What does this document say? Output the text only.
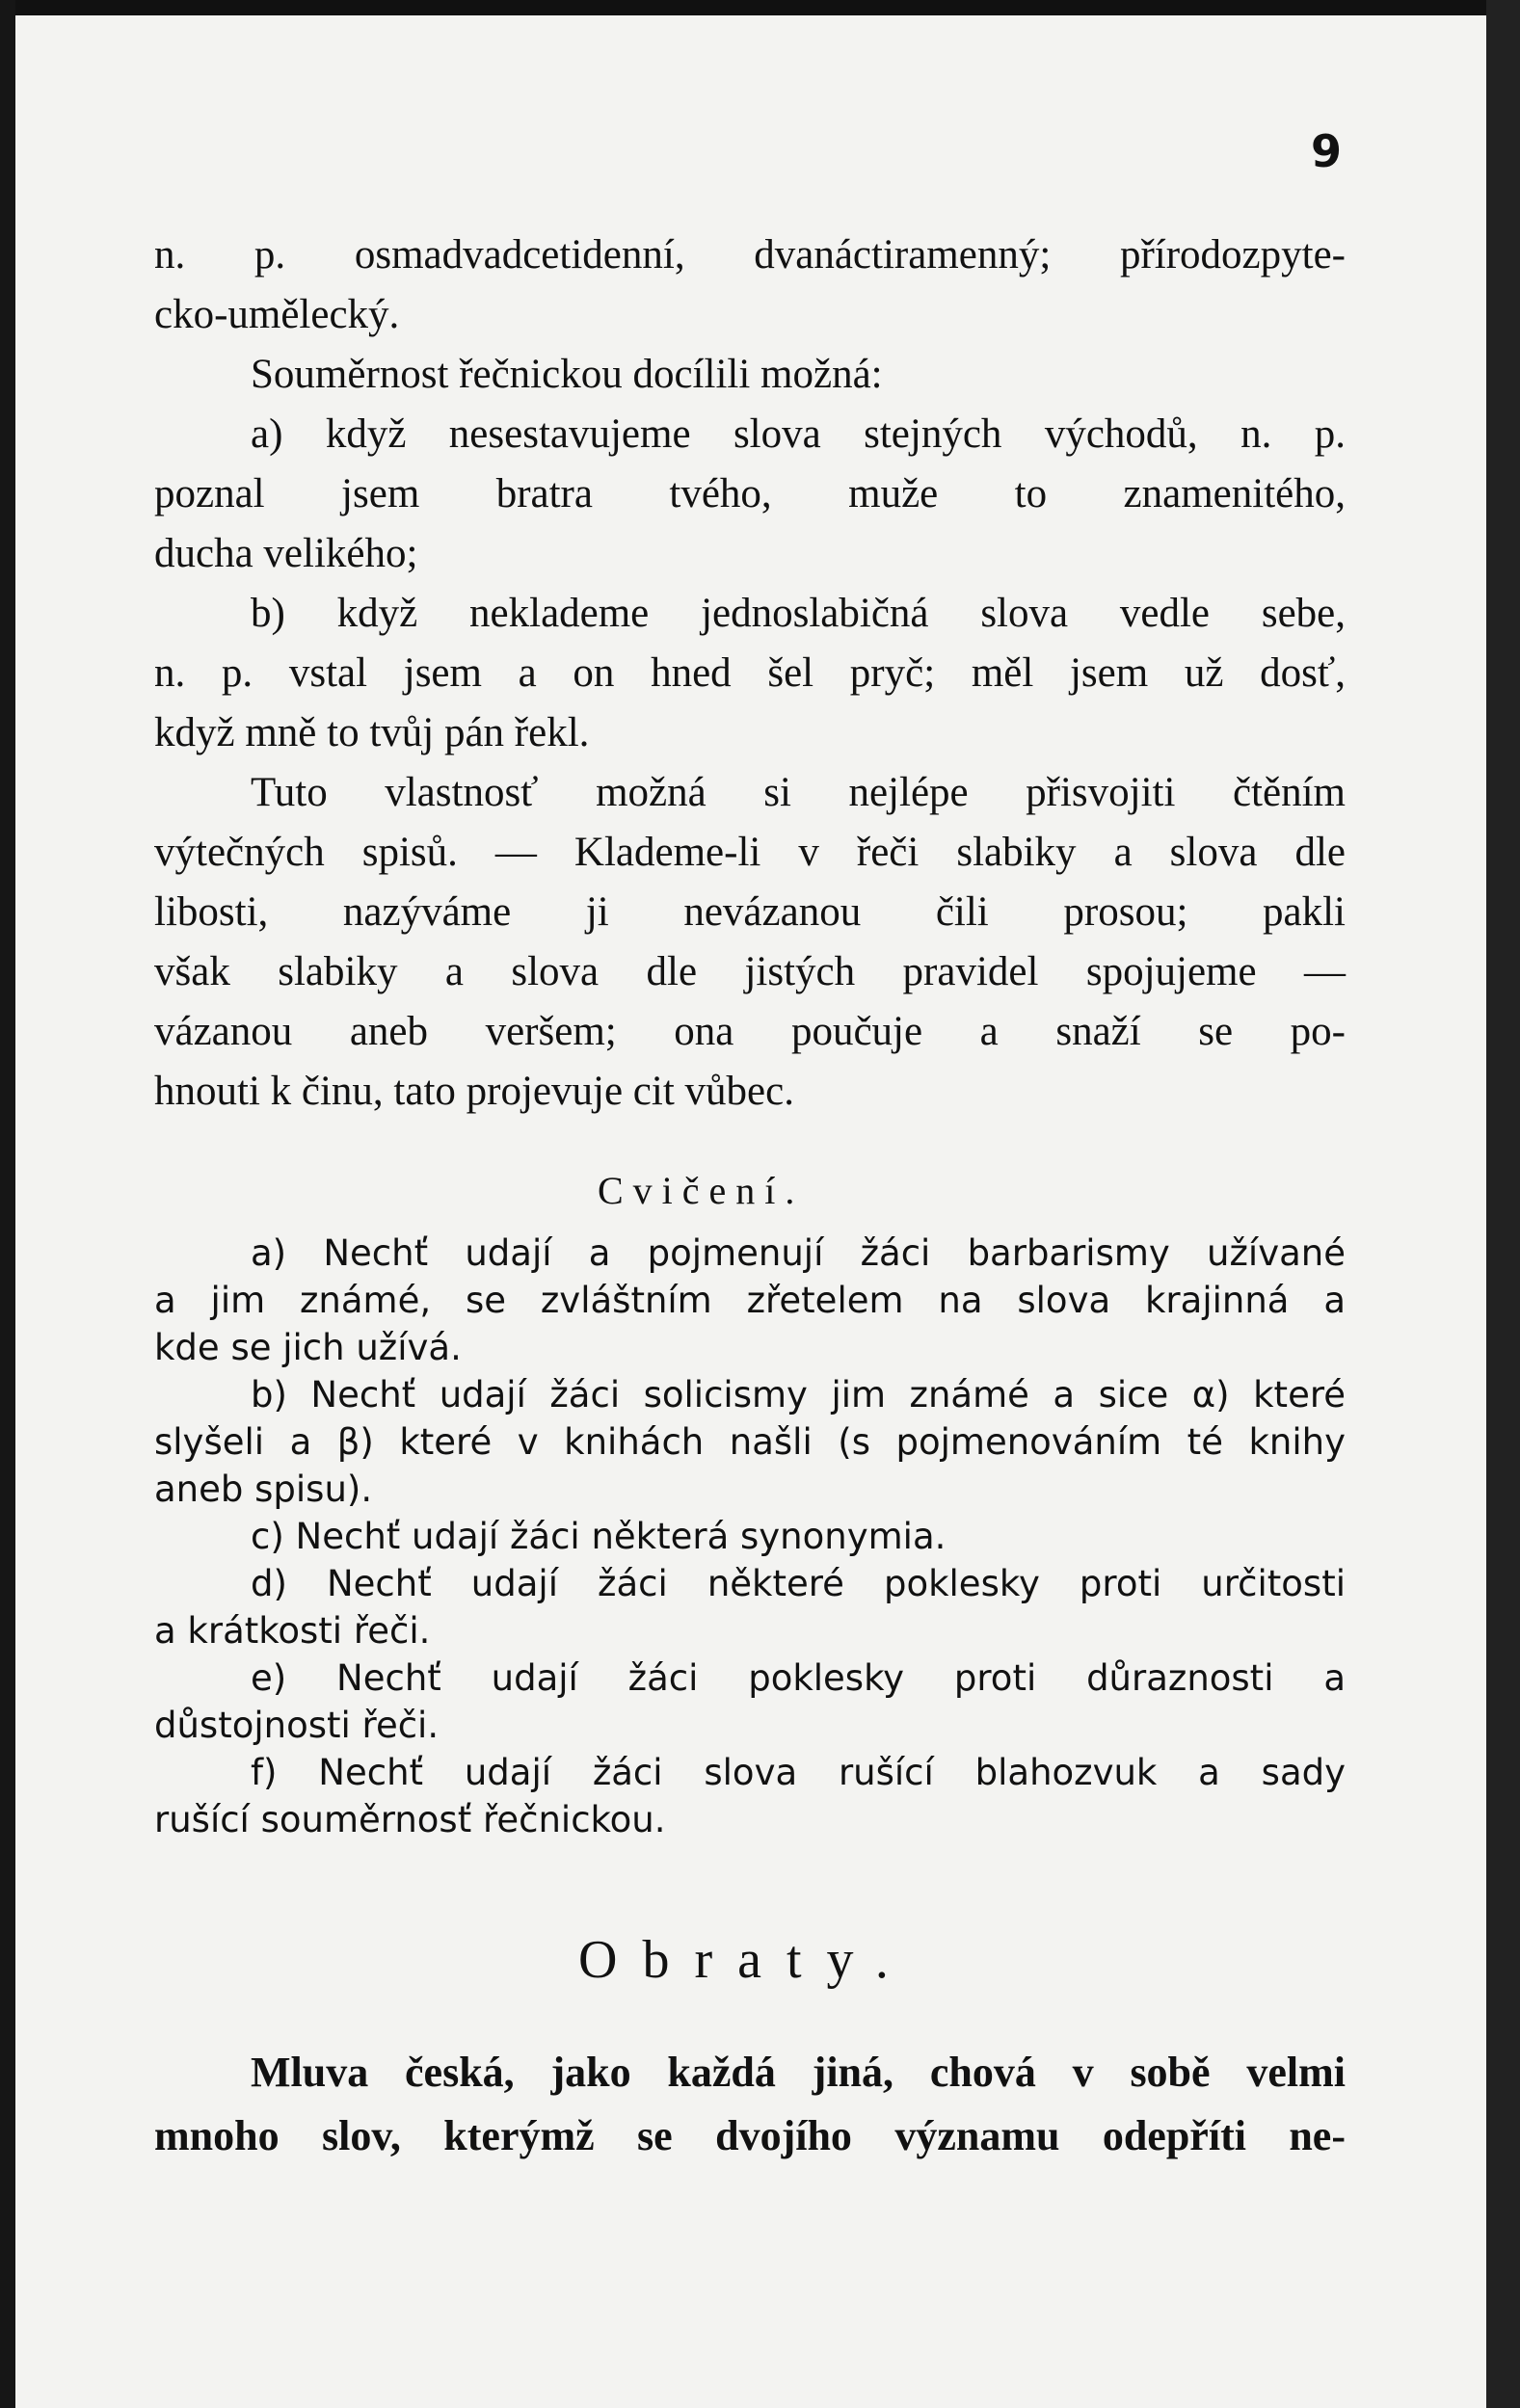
9
n. p. osmadvadcetidenní, dvanáctiramenný; přírodozpyte-
cko-umělecký.
Souměrnost řečnickou docílili možná:
a) když nesestavujeme slova stejných východů, n. p.
poznal jsem bratra tvého, muže to znamenitého,
ducha velikého;
b) když neklademe jednoslabičná slova vedle sebe,
n. p. vstal jsem a on hned šel pryč; měl jsem už dosť,
když mně to tvůj pán řekl.
Tuto vlastnosť možná si nejlépe přisvojiti čtěním
výtečných spisů. — Klademe-li v řeči slabiky a slova dle
libosti, nazýváme ji nevázanou čili prosou; pakli
však slabiky a slova dle jistých pravidel spojujeme —
vázanou aneb veršem; ona poučuje a snaží se po-
hnouti k činu, tato projevuje cit vůbec.
Cvičení.
a) Nechť udají a pojmenují žáci barbarismy užívané
a jim známé, se zvláštním zřetelem na slova krajinná a
kde se jich užívá.
b) Nechť udají žáci solicismy jim známé a sice α) které
slyšeli a β) které v knihách našli (s pojmenováním té knihy
aneb spisu).
c) Nechť udají žáci některá synonymia.
d) Nechť udají žáci některé poklesky proti určitosti
a krátkosti řeči.
e) Nechť udají žáci poklesky proti důraznosti a
důstojnosti řeči.
f) Nechť udají žáci slova rušící blahozvuk a sady
rušící souměrnosť řečnickou.
Obraty.
Mluva česká, jako každá jiná, chová v sobě velmi
mnoho slov, kterýmž se dvojího významu odepříti ne-
